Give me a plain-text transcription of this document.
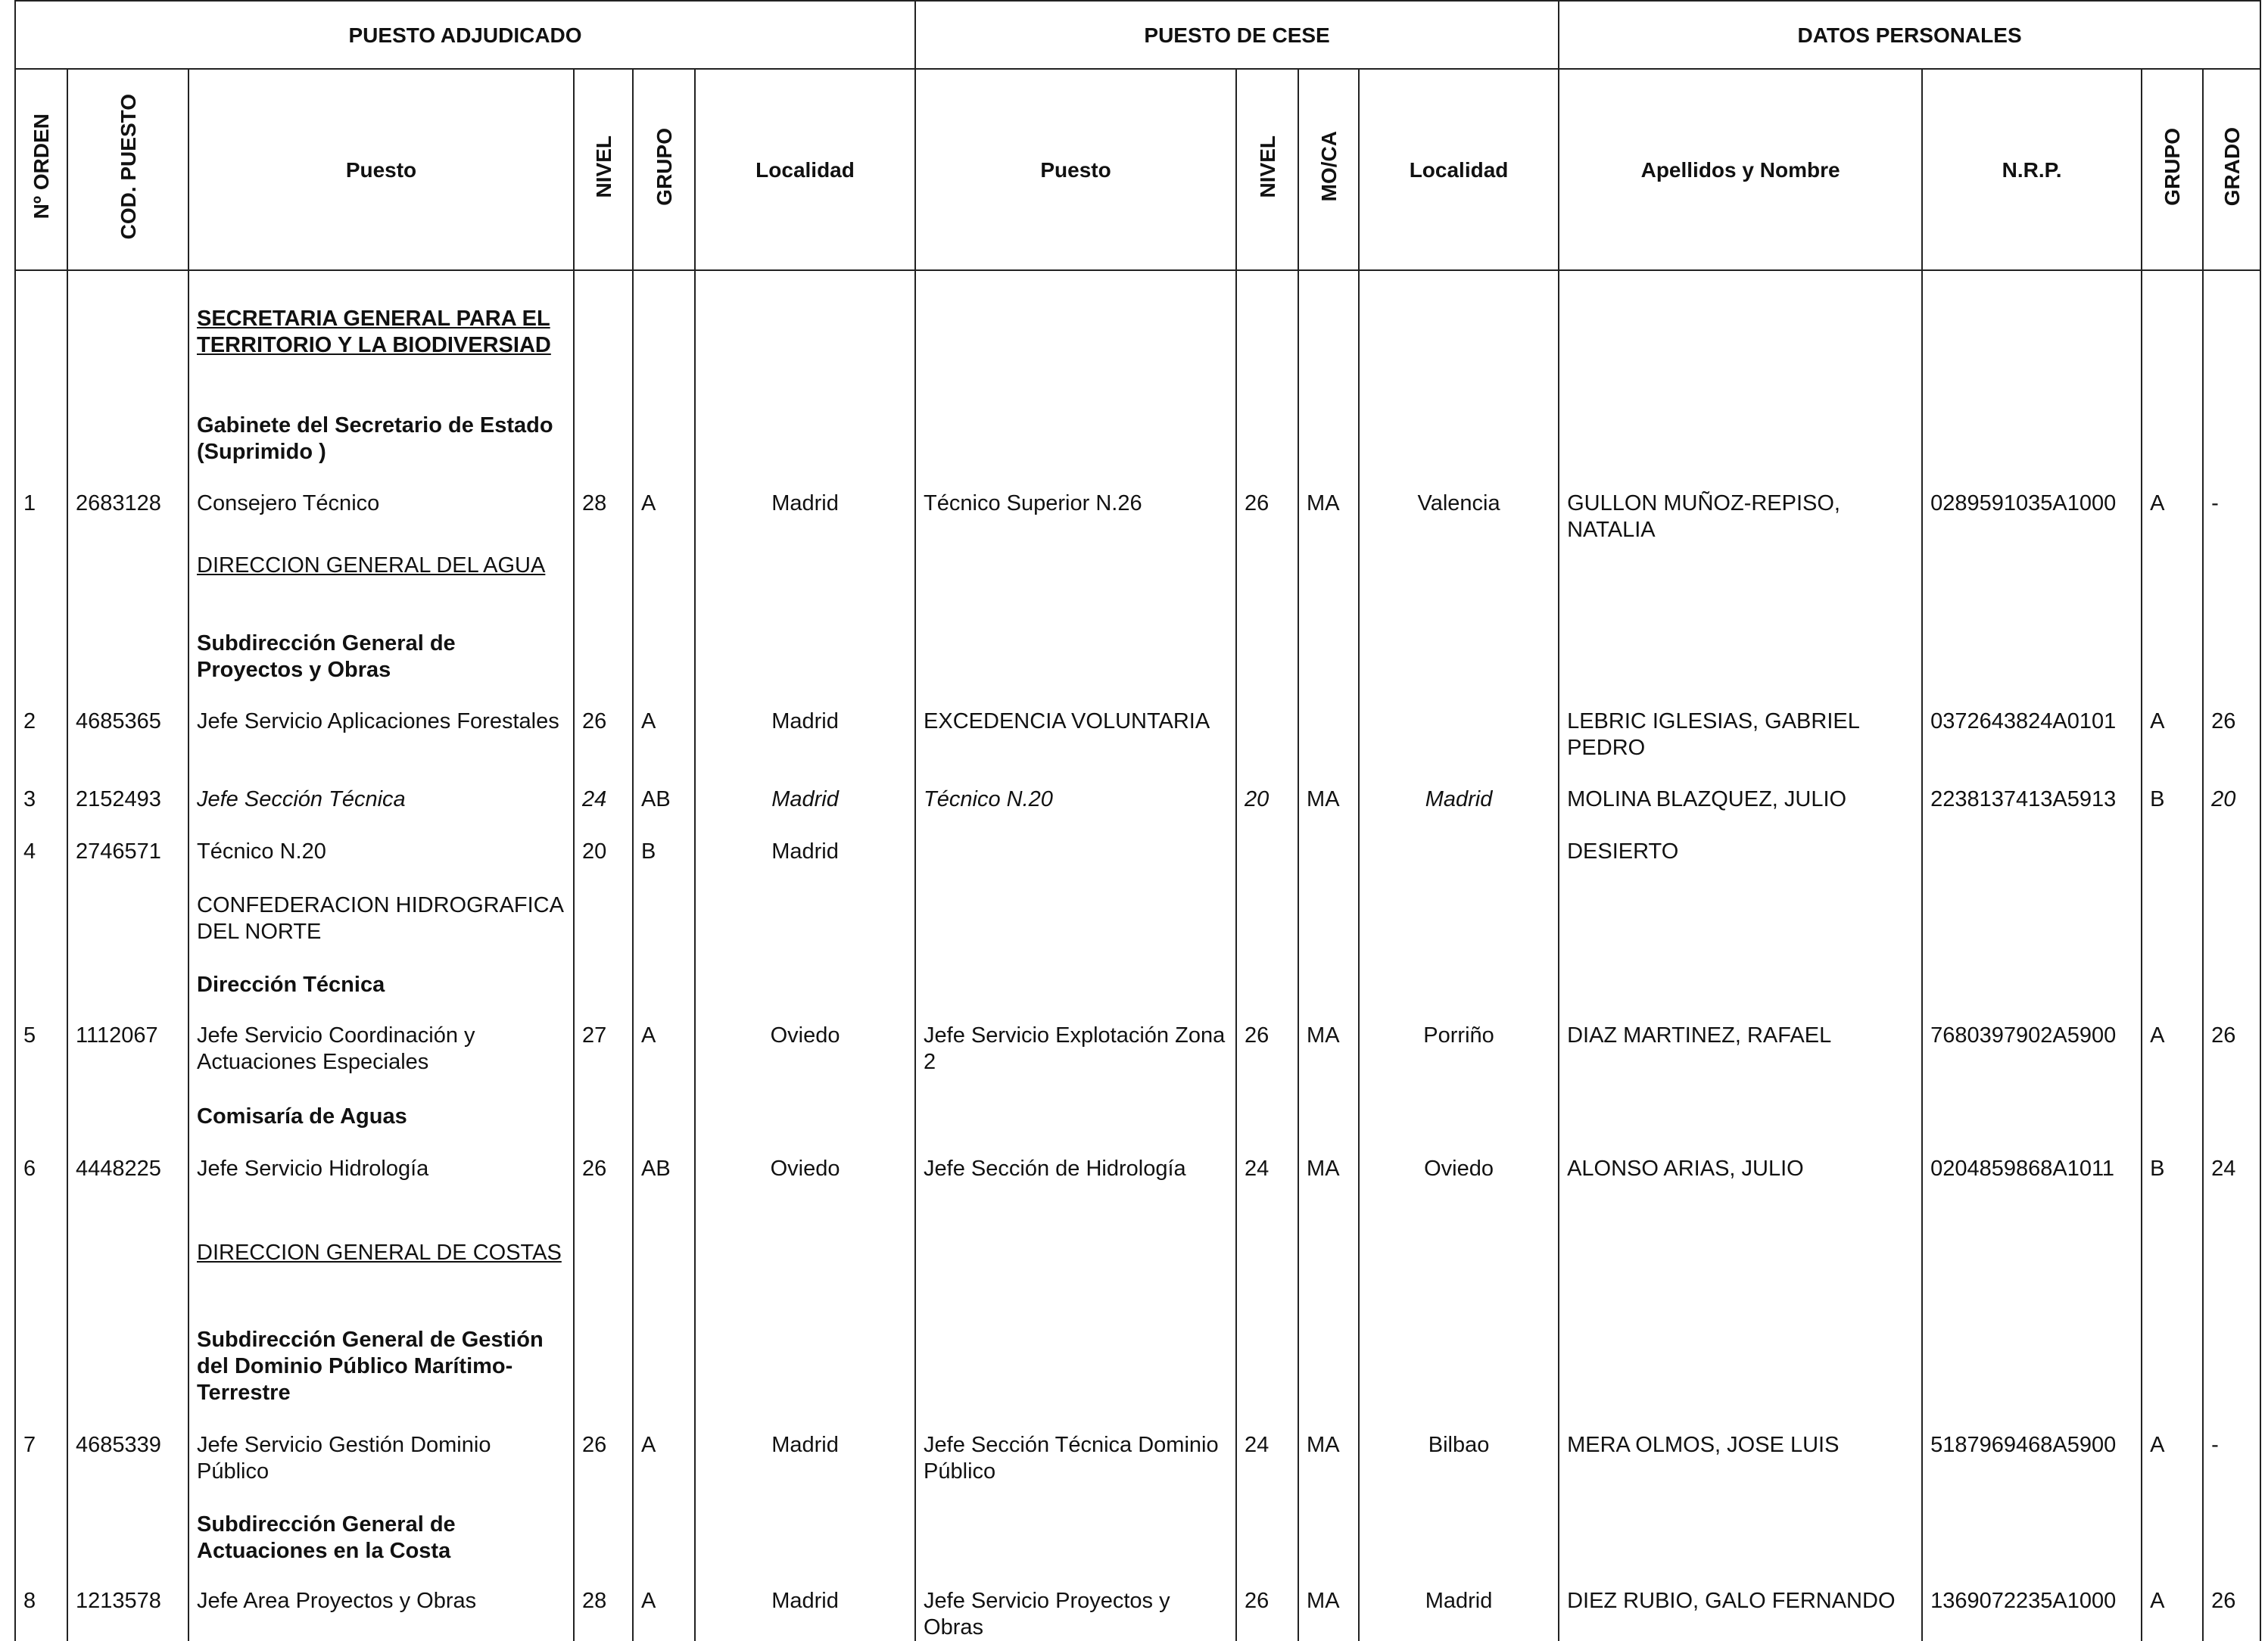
PUESTO ADJUDICADO						PUESTO DE CESE				DATOS PERSONALES			
Nº ORDEN	COD. PUESTO	Puesto	NIVEL	GRUPO	Localidad	Puesto	NIVEL	MO/CA	Localidad	Apellidos y Nombre	N.R.P.	GRUPO	GRADO

		SECRETARIA GENERAL PARA EL TERRITORIO Y LA BIODIVERSIAD											
		Gabinete del Secretario de Estado (Suprimido )											
1	2683128	Consejero Técnico	28	A	Madrid	Técnico Superior N.26	26	MA	Valencia	GULLON MUÑOZ-REPISO, NATALIA	0289591035A1000	A	-
		DIRECCION GENERAL DEL AGUA											
		Subdirección General de Proyectos y Obras											
2	4685365	Jefe Servicio Aplicaciones Forestales	26	A	Madrid	EXCEDENCIA VOLUNTARIA				LEBRIC IGLESIAS, GABRIEL PEDRO	0372643824A0101	A	26
3	2152493	Jefe Sección Técnica	24	AB	Madrid	Técnico N.20	20	MA	Madrid	MOLINA BLAZQUEZ, JULIO	2238137413A5913	B	20
4	2746571	Técnico N.20	20	B	Madrid					DESIERTO			
		CONFEDERACION HIDROGRAFICA DEL NORTE											
		Dirección Técnica											
5	1112067	Jefe Servicio Coordinación y Actuaciones Especiales	27	A	Oviedo	Jefe Servicio Explotación Zona 2	26	MA	Porriño	DIAZ MARTINEZ, RAFAEL	7680397902A5900	A	26
		Comisaría de Aguas											
6	4448225	Jefe Servicio Hidrología	26	AB	Oviedo	Jefe Sección de Hidrología	24	MA	Oviedo	ALONSO ARIAS, JULIO	0204859868A1011	B	24
		DIRECCION GENERAL DE COSTAS											
		Subdirección General de Gestión del Dominio Público Marítimo-Terrestre											
7	4685339	Jefe Servicio Gestión Dominio Público	26	A	Madrid	Jefe Sección Técnica Dominio Público	24	MA	Bilbao	MERA OLMOS, JOSE LUIS	5187969468A5900	A	-
		Subdirección General de Actuaciones en la Costa											
8	1213578	Jefe Area Proyectos y Obras	28	A	Madrid	Jefe Servicio Proyectos y Obras	26	MA	Madrid	DIEZ RUBIO, GALO FERNANDO	1369072235A1000	A	26
